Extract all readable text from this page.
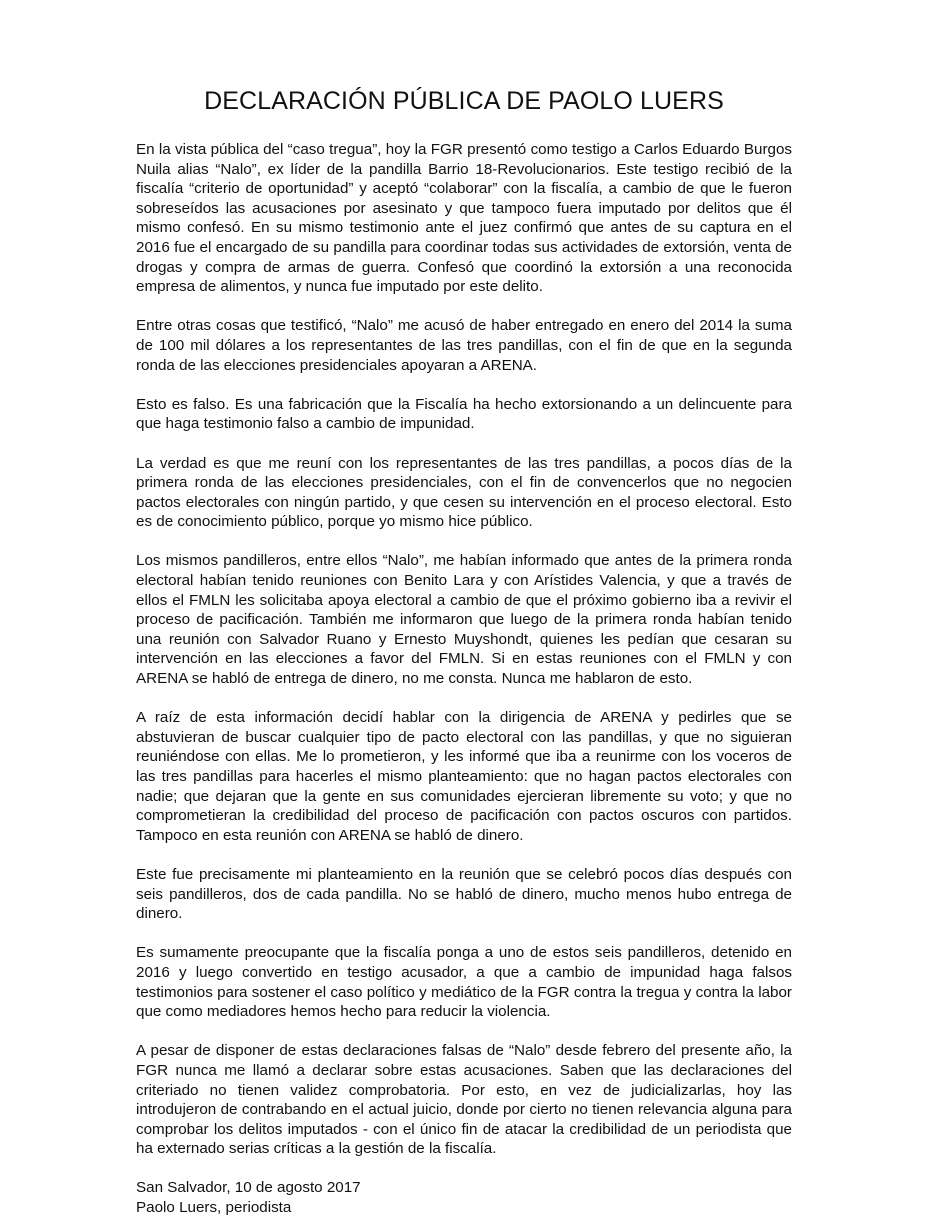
DECLARACIÓN PÚBLICA DE PAOLO LUERS

En la vista pública del “caso tregua”, hoy la FGR presentó como testigo a Carlos Eduardo Burgos Nuila alias “Nalo”, ex líder de la pandilla Barrio 18-Revolucionarios. Este testigo recibió de la fiscalía “criterio de oportunidad” y aceptó “colaborar” con la fiscalía, a cambio de que le fueron sobreseídos las acusaciones por asesinato y que tampoco fuera imputado por delitos que él mismo confesó. En su mismo testimonio ante el juez confirmó que antes de su captura en el 2016 fue el encargado de su pandilla para coordinar todas sus actividades de extorsión, venta de drogas y compra de armas de guerra. Confesó que coordinó la extorsión a una reconocida empresa de alimentos, y nunca fue imputado por este delito.

Entre otras cosas que testificó, “Nalo” me acusó de haber entregado en enero del 2014 la suma de 100 mil dólares a los representantes de las tres pandillas, con el fin de que en la segunda ronda de las elecciones presidenciales apoyaran a ARENA.

Esto es falso. Es una fabricación que la Fiscalía ha hecho extorsionando a un delincuente para que haga testimonio falso a cambio de impunidad.

La verdad es que me reuní con los representantes de las tres pandillas, a pocos días de la primera ronda de las elecciones presidenciales, con el fin de convencerlos que no negocien pactos electorales con ningún partido, y que cesen su intervención en el proceso electoral. Esto es de conocimiento público, porque yo mismo hice público.

Los mismos pandilleros, entre ellos “Nalo”, me habían informado que antes de la primera ronda electoral habían tenido reuniones con Benito Lara y con Arístides Valencia, y que a través de ellos el FMLN les solicitaba apoya electoral a cambio de que el próximo gobierno iba a revivir el proceso de pacificación. También me informaron que luego de la primera ronda habían tenido una reunión con Salvador Ruano y Ernesto Muyshondt, quienes les pedían que cesaran su intervención en las elecciones a favor del FMLN. Si en estas reuniones con el FMLN y con ARENA se habló de entrega de dinero, no me consta. Nunca me hablaron de esto.

A raíz de esta información decidí hablar con la dirigencia de ARENA y pedirles que se abstuvieran de buscar cualquier tipo de pacto electoral con las pandillas, y que no siguieran reuniéndose con ellas. Me lo prometieron, y les informé que iba a reunirme con los voceros de las tres pandillas para hacerles el mismo planteamiento: que no hagan pactos electorales con nadie; que dejaran que la gente en sus comunidades ejercieran libremente su voto; y que no comprometieran la credibilidad del proceso de pacificación con pactos oscuros con partidos. Tampoco en esta reunión con ARENA se habló de dinero.

Este fue precisamente mi planteamiento en la reunión que se celebró pocos días después con seis pandilleros, dos de cada pandilla. No se habló de dinero, mucho menos hubo entrega de dinero.

Es sumamente preocupante que la fiscalía ponga a uno de estos seis pandilleros, detenido en 2016 y luego convertido en testigo acusador, a que a cambio de impunidad haga falsos testimonios para sostener el caso político y mediático de la FGR contra la tregua y contra la labor que como mediadores hemos hecho para reducir la violencia.

A pesar de disponer de estas declaraciones falsas de “Nalo” desde febrero del presente año, la FGR nunca me llamó a declarar sobre estas acusaciones. Saben que las declaraciones del criteriado no tienen validez comprobatoria. Por esto, en vez de judicializarlas, hoy las introdujeron de contrabando en el actual juicio, donde por cierto no tienen relevancia alguna para comprobar los delitos imputados - con el único fin de atacar la credibilidad de un periodista que ha externado serias críticas a la gestión de la fiscalía.

San Salvador, 10 de agosto 2017
Paolo Luers, periodista
